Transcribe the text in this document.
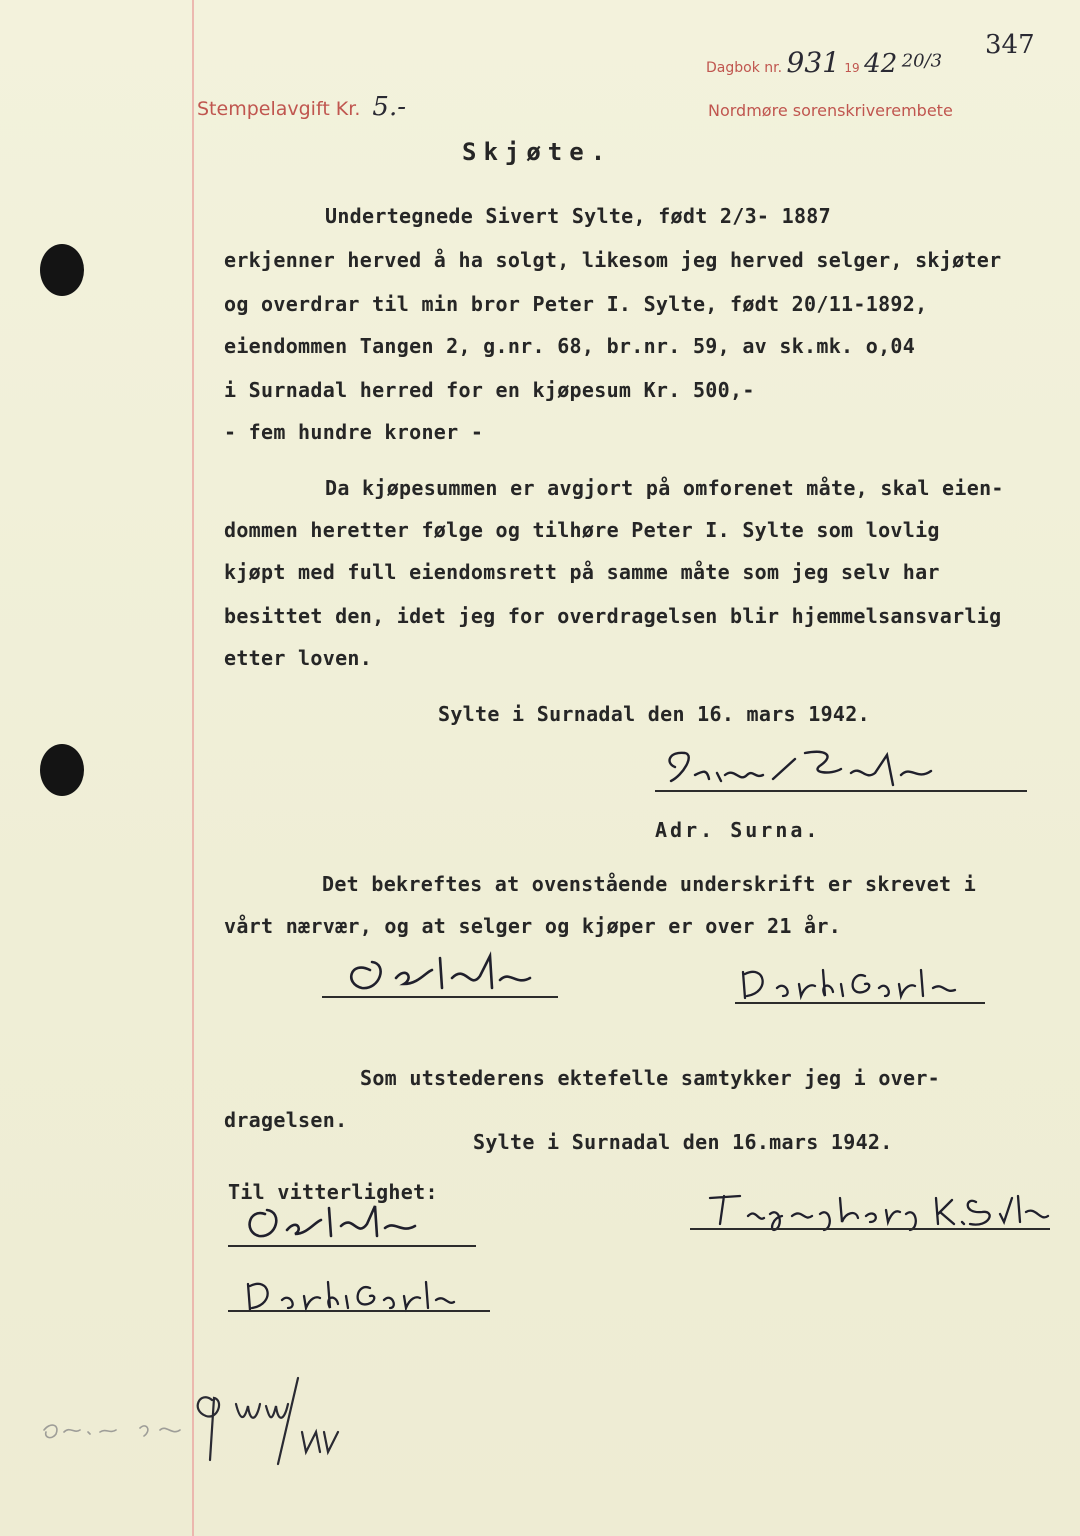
Stempelavgift Kr. 5.-
Dagbok nr. 931 19 42 20/3
Nordmøre sorenskriverembete
347
Skjøte.
Undertegnede Sivert Sylte, født 2/3- 1887
erkjenner herved å ha solgt, likesom jeg herved selger, skjøter
og overdrar til min bror Peter I. Sylte, født 20/11-1892,
eiendommen Tangen 2, g.nr. 68, br.nr. 59, av sk.mk. o,04
i Surnadal herred for en kjøpesum Kr. 500,-
- fem hundre kroner -
Da kjøpesummen er avgjort på omforenet måte, skal eien-
dommen heretter følge og tilhøre Peter I. Sylte som lovlig
kjøpt med full eiendomsrett på samme måte som jeg selv har
besittet den, idet jeg for overdragelsen blir hjemmelsansvarlig
etter loven.
Sylte i Surnadal den 16. mars 1942.
Sivert I. Sylte
Adr. Surna.
Det bekreftes at ovenstående underskrift er skrevet i
vårt nærvær, og at selger og kjøper er over 21 år.
O.Eide
Som utstederens ektefelle samtykker jeg i over-
dragelsen.
Sylte i Surnadal den 16.mars 1942.
Til vitterlighet:
O.Eide
Dordi Garte
Dordi .. Gj WW/NN
